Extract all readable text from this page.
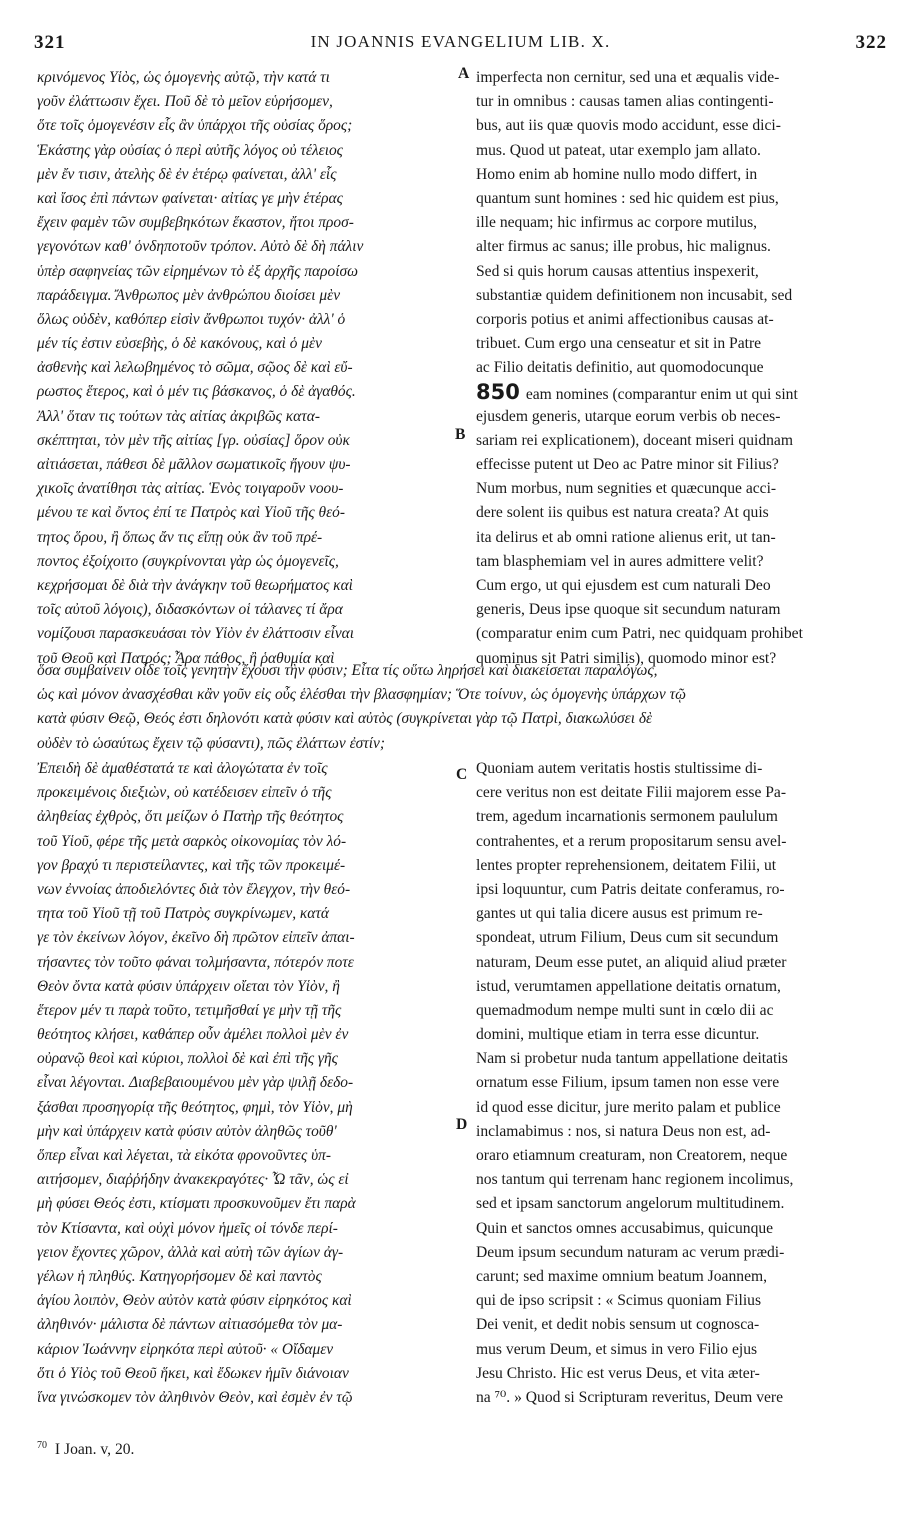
321	IN JOANNIS EVANGELIUM LIB. X.	322
κρινόμενος Υἱὸς, ὡς ὁμογενὴς αὐτῷ, τὴν κατά τι
γοῦν ἐλάττωσιν ἔχει. Ποῦ δὲ τὸ μεῖον εὑρήσομεν,
ὅτε τοῖς ὁμογενέσιν εἷς ἂν ὑπάρχοι τῆς οὐσίας ὅρος;
Ἑκάστης γὰρ οὐσίας ὁ περὶ αὐτῆς λόγος οὐ τέλειος
μὲν ἔν τισιν, ἀτελὴς δὲ ἐν ἑτέρῳ φαίνεται, ἀλλ' εἷς
καὶ ἴσος ἐπὶ πάντων φαίνεται· αἰτίας γε μὴν ἑτέρας
ἔχειν φαμὲν τῶν συμβεβηκότων ἕκαστον, ἤτοι προσ-
γεγονότων καθ' ὁνδηποτοῦν τρόπον. Αὐτὸ δὲ δὴ πάλιν
ὑπὲρ σαφηνείας τῶν εἰρημένων τὸ ἐξ ἀρχῆς παροίσω
παράδειγμα. Ἄνθρωπος μὲν ἀνθρώπου διοίσει μὲν
ὅλως οὐδὲν, καθόπερ εἰσὶν ἄνθρωποι τυχόν· ἀλλ' ὁ
μέν τίς ἐστιν εὐσεβὴς, ὁ δὲ κακόνους, καὶ ὁ μὲν
ἀσθενὴς καὶ λελωβημένος τὸ σῶμα, σῷος δὲ καὶ εὔ-
ρωστος ἕτερος, καὶ ὁ μέν τις βάσκανος, ὁ δὲ ἀγαθός.
Ἀλλ' ὅταν τις τούτων τὰς αἰτίας ἀκριβῶς κατα-
σκέπτηται, τὸν μὲν τῆς αἰτίας [γρ. οὐσίας] ὅρον οὐκ
αἰτιάσεται, πάθεσι δὲ μᾶλλον σωματικοῖς ἤγουν ψυ-
χικοῖς ἀνατίθησι τὰς αἰτίας. Ἑνὸς τοιγαροῦν νοου-
μένου τε καὶ ὄντος ἐπί τε Πατρὸς καὶ Υἱοῦ τῆς θεό-
τητος ὅρου, ἢ ὅπως ἄν τις εἴπῃ οὐκ ἂν τοῦ πρέ-
ποντος ἐξοίχοιτο (συγκρίνονται γὰρ ὡς ὁμογενεῖς,
κεχρήσομαι δὲ διὰ τὴν ἀνάγκην τοῦ θεωρήματος καὶ
τοῖς αὐτοῦ λόγοις), διδασκόντων οἱ τάλανες τί ἄρα
νομίζουσι παρασκευάσαι τὸν Υἱὸν ἐν ἐλάττοσιν εἶναι
τοῦ Θεοῦ καὶ Πατρός; Ἆρα πάθος, ἢ ῥαθυμία καὶ
imperfecta non cernitur, sed una et æqualis vide-
tur in omnibus : causas tamen alias contingenti-
bus, aut iis quæ quovis modo accidunt, esse dici-
mus. Quod ut pateat, utar exemplo jam allato.
Homo enim ab homine nullo modo differt, in
quantum sunt homines : sed hic quidem est pius,
ille nequam; hic infirmus ac corpore mutilus,
alter firmus ac sanus; ille probus, hic malignus.
Sed si quis horum causas attentius inspexerit,
substantiæ quidem definitionem non incusabit, sed
corporis potius et animi affectionibus causas at-
tribuet. Cum ergo una censeatur et sit in Patre
ac Filio deitatis definitio, aut quomodocunque
850 eam nomines (comparantur enim ut qui sint
ejusdem generis, utarque eorum verbis ob neces-
sariam rei explicationem), doceant miseri quidnam
effecisse putent ut Deo ac Patre minor sit Filius?
Num morbus, num segnities et quæcunque acci-
dere solent iis quibus est natura creata? At quis
ita delirus et ab omni ratione alienus erit, ut tan-
tam blasphemiam vel in aures admittere velit?
Cum ergo, ut qui ejusdem est cum naturali Deo
generis, Deus ipse quoque sit secundum naturam
(comparatur enim cum Patri, nec quidquam prohibet
quominus sit Patri similis), quomodo minor est?
A
B
C
D
ὅσα συμβαίνειν οἶδε τοῖς γενητὴν ἔχουσι τὴν φύσιν; Εἶτα τίς οὕτω ληρήσει καὶ διακείσεται παραλόγως,
ὡς καὶ μόνον ἀνασχέσθαι κἂν γοῦν εἰς οὖς ἑλέσθαι τὴν βλασφημίαν; Ὅτε τοίνυν, ὡς ὁμογενὴς ὑπάρχων τῷ
κατὰ φύσιν Θεῷ, Θεός ἐστι δηλονότι κατὰ φύσιν καὶ αὐτὸς (συγκρίνεται γὰρ τῷ Πατρὶ, διακωλύσει δὲ
οὐδὲν τὸ ὡσαύτως ἔχειν τῷ φύσαντι), πῶς ἐλάττων ἐστίν;
Ἐπειδὴ δὲ ἀμαθέστατά τε καὶ ἀλογώτατα ἐν τοῖς
προκειμένοις διεξιὼν, οὐ κατέδεισεν εἰπεῖν ὁ τῆς
ἀληθείας ἐχθρὸς, ὅτι μείζων ὁ Πατὴρ τῆς θεότητος
τοῦ Υἱοῦ, φέρε τῆς μετὰ σαρκὸς οἰκονομίας τὸν λό-
γον βραχύ τι περιστείλαντες, καὶ τῆς τῶν προκειμέ-
νων ἐννοίας ἀποδιελόντες διὰ τὸν ἔλεγχον, τὴν θεό-
τητα τοῦ Υἱοῦ τῇ τοῦ Πατρὸς συγκρίνωμεν, κατά
γε τὸν ἐκείνων λόγον, ἐκεῖνο δὴ πρῶτον εἰπεῖν ἀπαι-
τήσαντες τὸν τοῦτο φάναι τολμήσαντα, πότερόν ποτε
Θεὸν ὄντα κατὰ φύσιν ὑπάρχειν οἴεται τὸν Υἱὸν, ἢ
ἕτερον μέν τι παρὰ τοῦτο, τετιμῆσθαί γε μὴν τῇ τῆς
θεότητος κλήσει, καθάπερ οὖν ἀμέλει πολλοὶ μὲν ἐν
οὐρανῷ θεοὶ καὶ κύριοι, πολλοὶ δὲ καὶ ἐπὶ τῆς γῆς
εἶναι λέγονται. Διαβεβαιουμένου μὲν γὰρ ψιλῇ δεδο-
ξάσθαι προσηγορίᾳ τῆς θεότητος, φημὶ, τὸν Υἱὸν, μὴ
μὴν καὶ ὑπάρχειν κατὰ φύσιν αὐτὸν ἀληθῶς τοῦθ'
ὅπερ εἶναι καὶ λέγεται, τὰ εἰκότα φρονοῦντες ὑπ-
αιτήσομεν, διαῤῥήδην ἀνακεκραγότες· Ὦ τᾶν, ὡς εἰ
μὴ φύσει Θεός ἐστι, κτίσματι προσκυνοῦμεν ἔτι παρὰ
τὸν Κτίσαντα, καὶ οὐχὶ μόνον ἡμεῖς οἱ τόνδε περί-
γειον ἔχοντες χῶρον, ἀλλὰ καὶ αὐτὴ τῶν ἁγίων ἀγ-
γέλων ἡ πληθύς. Κατηγορήσομεν δὲ καὶ παντὸς
ἁγίου λοιπὸν, Θεὸν αὐτὸν κατὰ φύσιν εἰρηκότος καὶ
ἀληθινόν· μάλιστα δὲ πάντων αἰτιασόμεθα τὸν μα-
κάριον Ἰωάννην εἰρηκότα περὶ αὐτοῦ· « Οἴδαμεν
ὅτι ὁ Υἱὸς τοῦ Θεοῦ ἥκει, καὶ ἔδωκεν ἡμῖν διάνοιαν
ἵνα γινώσκομεν τὸν ἀληθινὸν Θεὸν, καὶ ἐσμὲν ἐν τῷ
Quoniam autem veritatis hostis stultissime di-
cere veritus non est deitate Filii majorem esse Pa-
trem, agedum incarnationis sermonem paululum
contrahentes, et a rerum propositarum sensu avel-
lentes propter reprehensionem, deitatem Filii, ut
ipsi loquuntur, cum Patris deitate conferamus, ro-
gantes ut qui talia dicere ausus est primum re-
spondeat, utrum Filium, Deus cum sit secundum
naturam, Deum esse putet, an aliquid aliud præter
istud, verumtamen appellatione deitatis ornatum,
quemadmodum nempe multi sunt in cœlo dii ac
domini, multique etiam in terra esse dicuntur.
Nam si probetur nuda tantum appellatione deitatis
ornatum esse Filium, ipsum tamen non esse vere
id quod esse dicitur, jure merito palam et publice
inclamabimus : nos, si natura Deus non est, ad-
oraro etiamnum creaturam, non Creatorem, neque
nos tantum qui terrenam hanc regionem incolimus,
sed et ipsam sanctorum angelorum multitudinem.
Quin et sanctos omnes accusabimus, quicunque
Deum ipsum secundum naturam ac verum prædi-
carunt; sed maxime omnium beatum Joannem,
qui de ipso scripsit : « Scimus quoniam Filius
Dei venit, et dedit nobis sensum ut cognosca-
mus verum Deum, et simus in vero Filio ejus
Jesu Christo. Hic est verus Deus, et vita æter-
na ⁷⁰. » Quod si Scripturam reveritus, Deum vere
$^{70}$ I Joan. v, 20.
